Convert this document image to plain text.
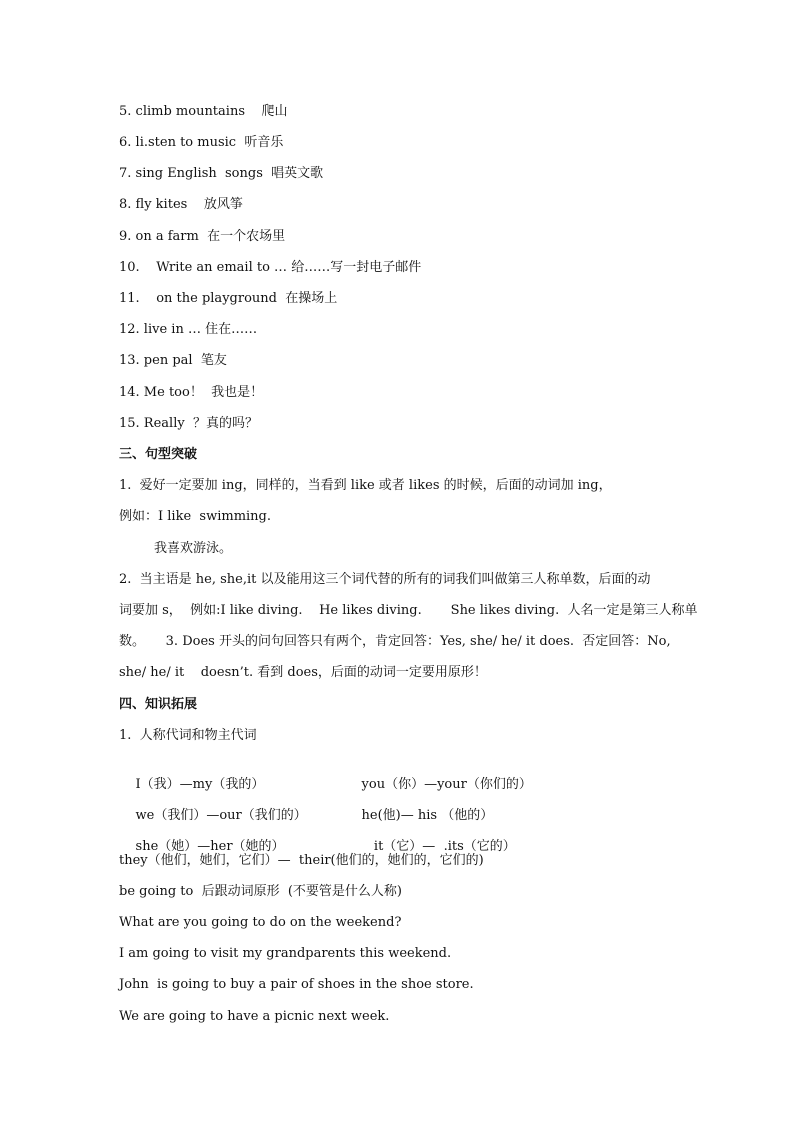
5. climb mountains    爬山
6. li.sten to music  听音乐
7. sing English  songs  唱英文歌
8. fly kites    放风筝
9. on a farm  在一个农场里
10.    Write an email to … 给……写一封电子邮件
11.    on the playground  在操场上
12. live in … 住在……
13. pen pal  笔友
14. Me too！  我也是！
15. Really  ？真的吗？
三、句型突破
1.  爱好一定要加 ing，同样的，当看到 like 或者 likes 的时候，后面的动词加 ing，
例如：I like  swimming.
我喜欢游泳。
2.  当主语是 he, she,it 以及能用这三个词代替的所有的词我们叫做第三人称单数，后面的动
词要加 s，  例如:I like diving.    He likes diving.       She likes diving.  人名一定是第三人称单
数。     3. Does 开头的问句回答只有两个，肯定回答：Yes, she/ he/ it does.  否定回答：No,
she/ he/ it    doesn’t. 看到 does，后面的动词一定要用原形！
四、知识拓展
1.  人称代词和物主代词

I（我）—my（我的）	you（你）—your（你们的）

we（我们）—our（我们的）	he(他)— his （他的）

she（她）—her（她的）	it（它）—  .its（它的）

they（他们，她们，它们）—  their(他们的，她们的，它们的)
be going to  后跟动词原形  (不要管是什么人称)
What are you going to do on the weekend?
I am going to visit my grandparents this weekend.
John  is going to buy a pair of shoes in the shoe store.
We are going to have a picnic next week.
